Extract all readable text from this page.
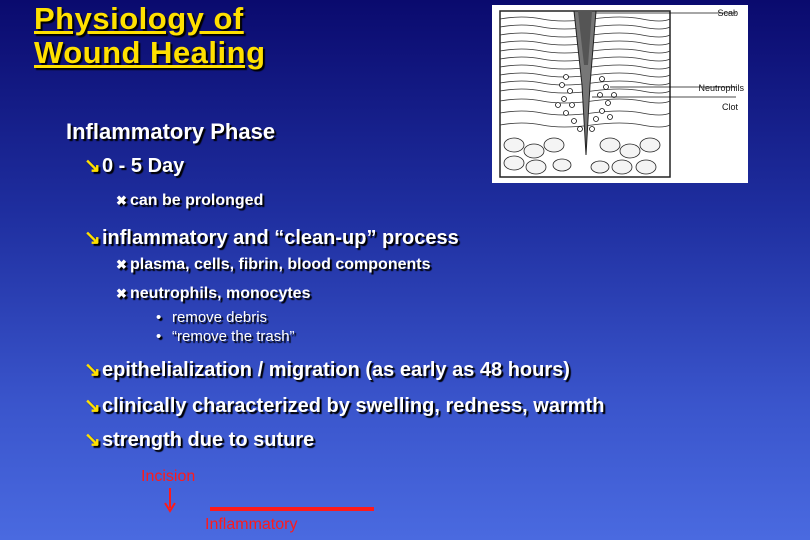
Physiology of
Wound Healing
Scab
Neutrophils
Clot
Inflammatory Phase
↘0 - 5 Day
✖ can be prolonged
↘inflammatory and “clean-up” process
✖ plasma, cells, fibrin, blood components
✖ neutrophils, monocytes
• remove debris
• “remove the trash”
↘epithelialization / migration (as early as 48 hours)
↘clinically characterized by swelling, redness, warmth
↘strength due to suture
Incision
Inflammatory
